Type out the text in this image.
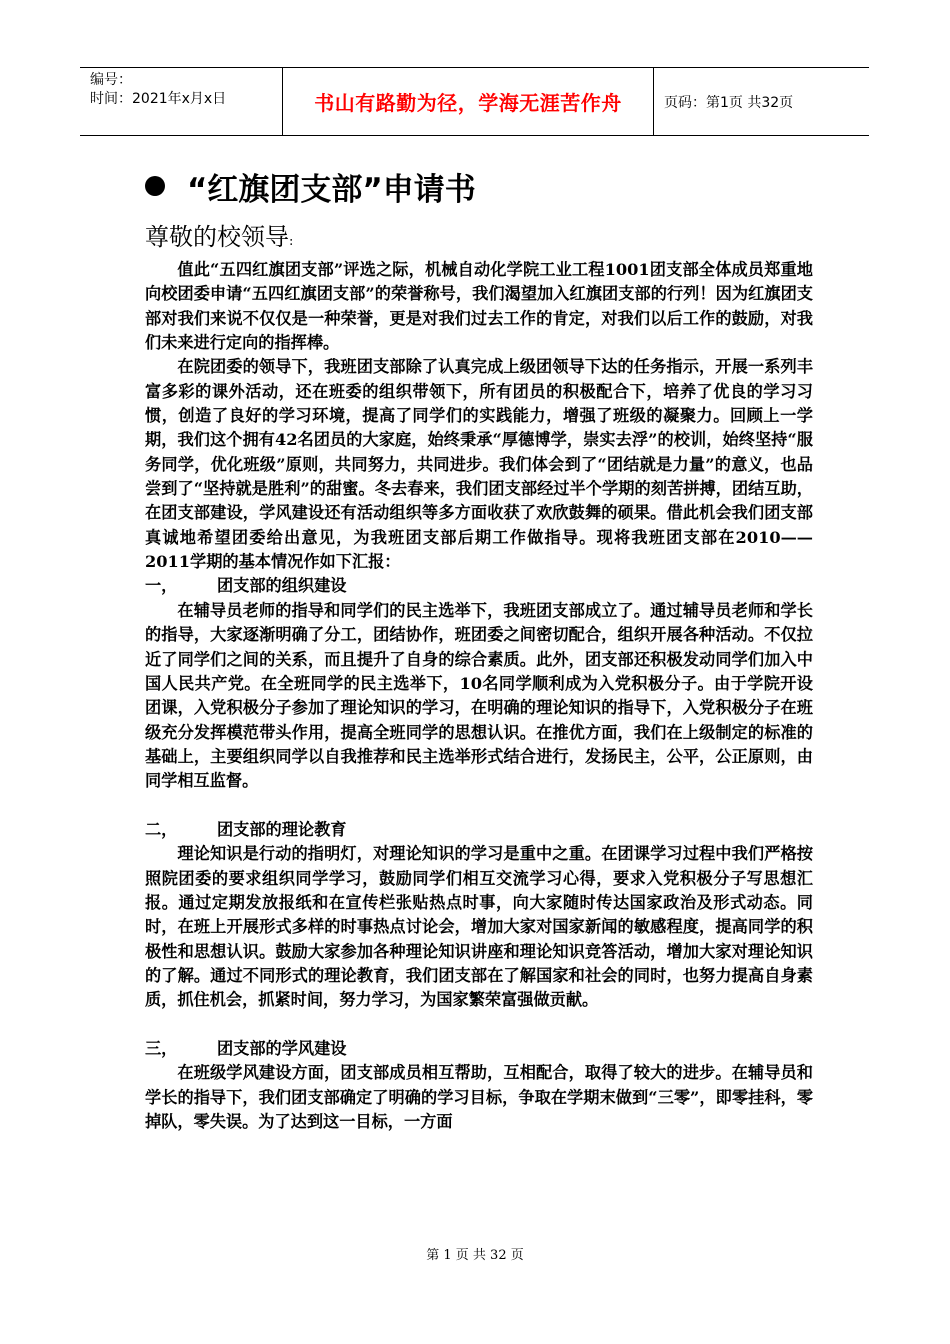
编号：
时间：2021年x月x日	书山有路勤为径，学海无涯苦作舟	页码：第1页 共32页
“红旗团支部”申请书
尊敬的校领导:

值此“五四红旗团支部”评选之际，机械自动化学院工业工程1001团支部全体成员郑重地向校团委申请“五四红旗团支部”的荣誉称号，我们渴望加入红旗团支部的行列！因为红旗团支部对我们来说不仅仅是一种荣誉，更是对我们过去工作的肯定，对我们以后工作的鼓励，对我们未来进行定向的指挥棒。

在院团委的领导下，我班团支部除了认真完成上级团领导下达的任务指示，开展一系列丰富多彩的课外活动，还在班委的组织带领下，所有团员的积极配合下，培养了优良的学习习惯，创造了良好的学习环境，提高了同学们的实践能力，增强了班级的凝聚力。回顾上一学期，我们这个拥有42名团员的大家庭，始终秉承“厚德博学，崇实去浮”的校训，始终坚持“服务同学，优化班级”原则，共同努力，共同进步。我们体会到了“团结就是力量”的意义，也品尝到了“坚持就是胜利”的甜蜜。冬去春来，我们团支部经过半个学期的刻苦拼搏，团结互助，在团支部建设，学风建设还有活动组织等多方面收获了欢欣鼓舞的硕果。借此机会我们团支部真诚地希望团委给出意见，为我班团支部后期工作做指导。现将我班团支部在2010——2011学期的基本情况作如下汇报：

一， 团支部的组织建设

在辅导员老师的指导和同学们的民主选举下，我班团支部成立了。通过辅导员老师和学长的指导，大家逐渐明确了分工，团结协作，班团委之间密切配合，组织开展各种活动。不仅拉近了同学们之间的关系，而且提升了自身的综合素质。此外，团支部还积极发动同学们加入中国人民共产党。在全班同学的民主选举下，10名同学顺利成为入党积极分子。由于学院开设团课，入党积极分子参加了理论知识的学习，在明确的理论知识的指导下，入党积极分子在班级充分发挥模范带头作用，提高全班同学的思想认识。在推优方面，我们在上级制定的标准的基础上，主要组织同学以自我推荐和民主选举形式结合进行，发扬民主，公平，公正原则，由同学相互监督。

二， 团支部的理论教育

理论知识是行动的指明灯，对理论知识的学习是重中之重。在团课学习过程中我们严格按照院团委的要求组织同学学习，鼓励同学们相互交流学习心得，要求入党积极分子写思想汇报。通过定期发放报纸和在宣传栏张贴热点时事，向大家随时传达国家政治及形式动态。同时，在班上开展形式多样的时事热点讨论会，增加大家对国家新闻的敏感程度，提高同学的积极性和思想认识。鼓励大家参加各种理论知识讲座和理论知识竞答活动，增加大家对理论知识的了解。通过不同形式的理论教育，我们团支部在了解国家和社会的同时，也努力提高自身素质，抓住机会，抓紧时间，努力学习，为国家繁荣富强做贡献。

三， 团支部的学风建设

在班级学风建设方面，团支部成员相互帮助，互相配合，取得了较大的进步。在辅导员和学长的指导下，我们团支部确定了明确的学习目标，争取在学期末做到“三零”，即零挂科，零掉队，零失误。为了达到这一目标，一方面

第 1 页 共 32 页
